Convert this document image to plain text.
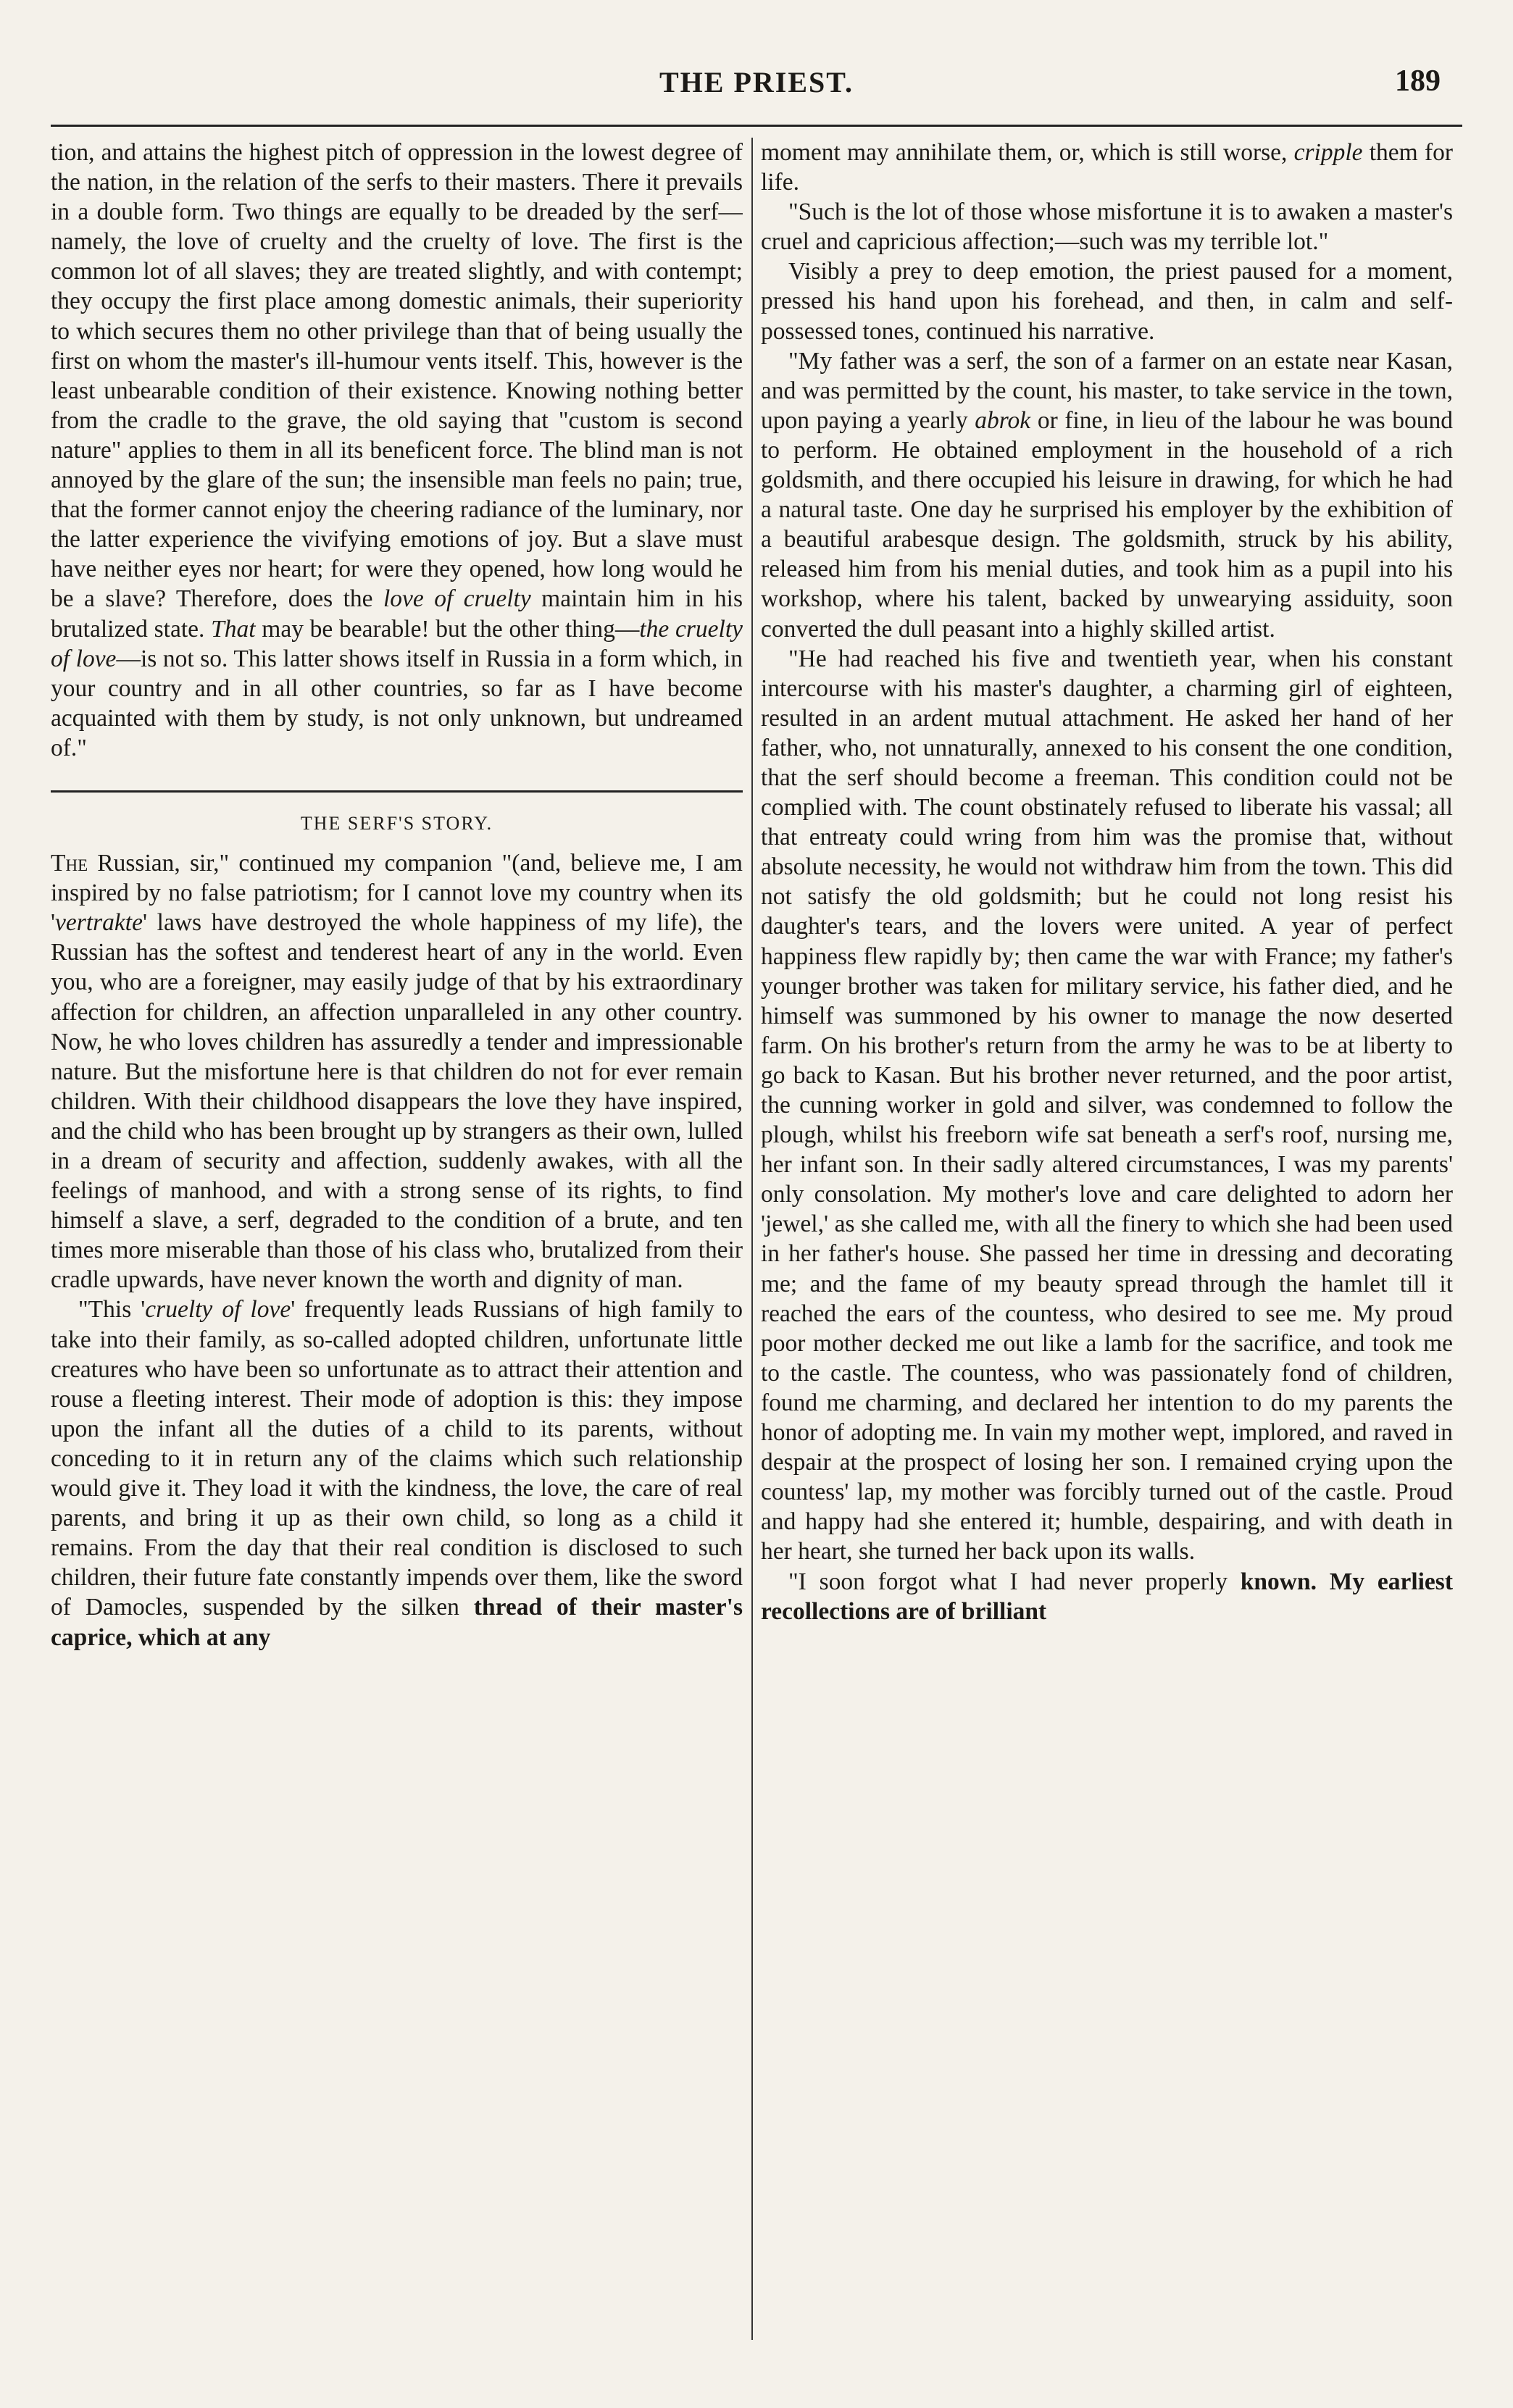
THE PRIEST.	189

tion, and attains the highest pitch of oppression in the lowest degree of the nation, in the relation of the serfs to their masters. There it prevails in a double form. Two things are equally to be dreaded by the serf—namely, the love of cruelty and the cruelty of love. The first is the common lot of all slaves; they are treated slightly, and with contempt; they occupy the first place among domestic animals, their superiority to which secures them no other privilege than that of being usually the first on whom the master's ill-humour vents itself. This, however is the least unbearable condition of their existence. Knowing nothing better from the cradle to the grave, the old saying that "custom is second nature" applies to them in all its beneficent force. The blind man is not annoyed by the glare of the sun; the insensible man feels no pain; true, that the former cannot enjoy the cheering radiance of the luminary, nor the latter experience the vivifying emotions of joy. But a slave must have neither eyes nor heart; for were they opened, how long would he be a slave? Therefore, does the love of cruelty maintain him in his brutalized state. That may be bearable! but the other thing—the cruelty of love—is not so. This latter shows itself in Russia in a form which, in your country and in all other countries, so far as I have become acquainted with them by study, is not only unknown, but undreamed of."

THE SERF'S STORY.

The Russian, sir," continued my companion "(and, believe me, I am inspired by no false patriotism; for I cannot love my country when its 'vertrakte' laws have destroyed the whole happiness of my life), the Russian has the softest and tenderest heart of any in the world. Even you, who are a foreigner, may easily judge of that by his extraordinary affection for children, an affection unparalleled in any other country. Now, he who loves children has assuredly a tender and impressionable nature. But the misfortune here is that children do not for ever remain children. With their childhood disappears the love they have inspired, and the child who has been brought up by strangers as their own, lulled in a dream of security and affection, suddenly awakes, with all the feelings of manhood, and with a strong sense of its rights, to find himself a slave, a serf, degraded to the condition of a brute, and ten times more miserable than those of his class who, brutalized from their cradle upwards, have never known the worth and dignity of man.

"This 'cruelty of love' frequently leads Russians of high family to take into their family, as so-called adopted children, unfortunate little creatures who have been so unfortunate as to attract their attention and rouse a fleeting interest. Their mode of adoption is this: they impose upon the infant all the duties of a child to its parents, without conceding to it in return any of the claims which such relationship would give it. They load it with the kindness, the love, the care of real parents, and bring it up as their own child, so long as a child it remains. From the day that their real condition is disclosed to such children, their future fate constantly impends over them, like the sword of Damocles, suspended by the silken thread of their master's caprice, which at any

moment may annihilate them, or, which is still worse, cripple them for life.

"Such is the lot of those whose misfortune it is to awaken a master's cruel and capricious affection;—such was my terrible lot."

Visibly a prey to deep emotion, the priest paused for a moment, pressed his hand upon his forehead, and then, in calm and self-possessed tones, continued his narrative.

"My father was a serf, the son of a farmer on an estate near Kasan, and was permitted by the count, his master, to take service in the town, upon paying a yearly abrok or fine, in lieu of the labour he was bound to perform. He obtained employment in the household of a rich goldsmith, and there occupied his leisure in drawing, for which he had a natural taste. One day he surprised his employer by the exhibition of a beautiful arabesque design. The goldsmith, struck by his ability, released him from his menial duties, and took him as a pupil into his workshop, where his talent, backed by unwearying assiduity, soon converted the dull peasant into a highly skilled artist.

"He had reached his five and twentieth year, when his constant intercourse with his master's daughter, a charming girl of eighteen, resulted in an ardent mutual attachment. He asked her hand of her father, who, not unnaturally, annexed to his consent the one condition, that the serf should become a freeman. This condition could not be complied with. The count obstinately refused to liberate his vassal; all that entreaty could wring from him was the promise that, without absolute necessity, he would not withdraw him from the town. This did not satisfy the old goldsmith; but he could not long resist his daughter's tears, and the lovers were united. A year of perfect happiness flew rapidly by; then came the war with France; my father's younger brother was taken for military service, his father died, and he himself was summoned by his owner to manage the now deserted farm. On his brother's return from the army he was to be at liberty to go back to Kasan. But his brother never returned, and the poor artist, the cunning worker in gold and silver, was condemned to follow the plough, whilst his freeborn wife sat beneath a serf's roof, nursing me, her infant son. In their sadly altered circumstances, I was my parents' only consolation. My mother's love and care delighted to adorn her 'jewel,' as she called me, with all the finery to which she had been used in her father's house. She passed her time in dressing and decorating me; and the fame of my beauty spread through the hamlet till it reached the ears of the countess, who desired to see me. My proud poor mother decked me out like a lamb for the sacrifice, and took me to the castle. The countess, who was passionately fond of children, found me charming, and declared her intention to do my parents the honor of adopting me. In vain my mother wept, implored, and raved in despair at the prospect of losing her son. I remained crying upon the countess' lap, my mother was forcibly turned out of the castle. Proud and happy had she entered it; humble, despairing, and with death in her heart, she turned her back upon its walls.

"I soon forgot what I had never properly known. My earliest recollections are of brilliant
